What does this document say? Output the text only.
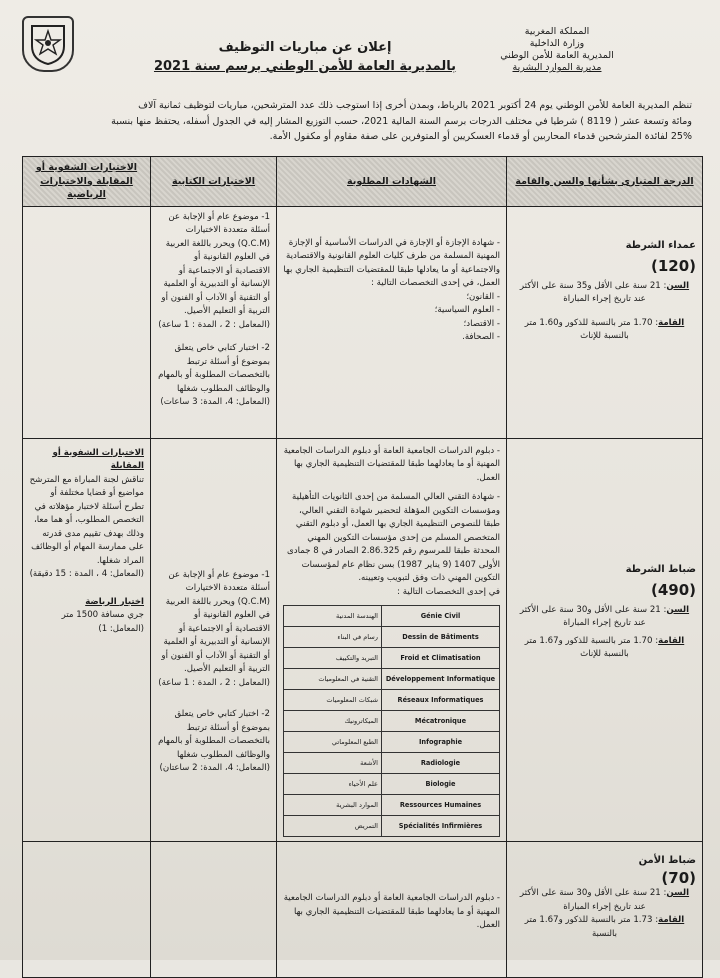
إعلان عن مباريات التوظيف
بالمديرية العامة للأمن الوطني برسم سنة 2021
المملكة المغربية
وزارة الداخلية
المديرية العامة للأمن الوطني
مديرية الموارد البشرية
تنظم المديرية العامة للأمن الوطني يوم 24 أكتوبر 2021 بالرباط، وبمدن أخرى إذا استوجب ذلك عدد المترشحين، مباريات لتوظيف ثمانية آلاف
ومائة وتسعة عشر ( 8119 ) شرطيا في مختلف الدرجات برسم السنة المالية 2021، حسب التوزيع المشار إليه في الجدول أسفله، يحتفظ منها بنسبة
25% لفائدة المترشحين قدماء المحاربين أو قدماء العسكريين أو المتوفرين على صفة مقاوم أو مكفول الأمة.
الاختبارات الشفوية أو المقابلة والاختبارات الرياضية	الاختبارات الكتابية	الشهادات المطلوبة	الدرجة المتبارى بشأنها والسن والقامة

1- موضوع عام أو الإجابة عن أسئلة متعددة الاختيارات (Q.C.M) ويحرر باللغة العربية في العلوم القانونية أو الاقتصادية أو الاجتماعية أو الإنسانية أو التدبيرية أو العلمية أو التقنية أو الآداب أو الفنون أو التربية أو التعليم الأصيل.
(المعامل : 2 ، المدة : 1 ساعة)
2- اختبار كتابي خاص يتعلق بموضوع أو أسئلة ترتبط بالتخصصات المطلوبة أو بالمهام والوظائف المطلوب شغلها
(المعامل: 4، المدة: 3 ساعات)

- شهادة الإجازة أو الإجازة في الدراسات الأساسية أو الإجازة المهنية المسلمة من طرف كليات العلوم القانونية والاقتصادية والاجتماعية أو ما يعادلها طبقا للمقتضيات التنظيمية الجاري بها العمل، في إحدى التخصصات التالية :
- القانون؛
- العلوم السياسية؛
- الاقتصاد؛
- الصحافة.

عمداء الشرطة
(120)
السن: 21 سنة على الأقل و35 سنة على الأكثر عند تاريخ إجراء المباراة
القامة: 1.70 متر بالنسبة للذكور و1.60 متر بالنسبة للإناث

الاختبارات الشفوية أو المقابلة
تناقش لجنة المباراة مع المترشح مواضيع أو قضايا مختلفة أو تطرح أسئلة لاختبار مؤهلاته في التخصص المطلوب، أو هما معا، وذلك بهدف تقييم مدى قدرته على ممارسة المهام أو الوظائف المراد شغلها.
(المعامل: 4 ، المدة : 15 دقيقة)
اختبار الرياضة
جري مسافة 1500 متر (المعامل: 1)

1- موضوع عام أو الإجابة عن أسئلة متعددة الاختيارات (Q.C.M) ويحرر باللغة العربية في العلوم القانونية أو الاقتصادية أو الاجتماعية أو الإنسانية أو التدبيرية أو العلمية أو التقنية أو الآداب أو الفنون أو التربية أو التعليم الأصيل.
(المعامل : 2 ، المدة : 1 ساعة)
2- اختبار كتابي خاص يتعلق بموضوع أو أسئلة ترتبط بالتخصصات المطلوبة أو بالمهام والوظائف المطلوب شغلها
(المعامل: 4، المدة: 2 ساعتان)

- دبلوم الدراسات الجامعية العامة أو دبلوم الدراسات الجامعية المهنية أو ما يعادلهما طبقا للمقتضيات التنظيمية الجاري بها العمل.
- شهادة التقني العالي المسلمة من إحدى الثانويات التأهيلية ومؤسسات التكوين المؤهلة لتحضير شهادة التقني العالي، طبقا للنصوص التنظيمية الجاري بها العمل، أو دبلوم التقني المتخصص المسلم من إحدى مؤسسات التكوين المهني المحدثة طبقا للمرسوم رقم 2.86.325 الصادر في 8 جمادى الأولى 1407 (9 يناير 1987) بسن نظام عام لمؤسسات التكوين المهني ذات وفق لتبويب وتعيينه.
في إحدى التخصصات التالية :
Génie Civil	الهندسة المدنية
Dessin de Bâtiments	رسام في البناء
Froid et Climatisation	التبريد والتكييف
Développement Informatique	التقنية في المعلوميات
Réseaux Informatiques	شبكات المعلوميات
Mécatronique	الميكاترونيك
Infographie	الطبع المعلوماتي
Radiologie	الأشعة
Biologie	علم الأحياء
Ressources Humaines	الموارد البشرية
Spécialités Infirmières	التمريض

ضباط الشرطة
(490)
السن: 21 سنة على الأقل و30 سنة على الأكثر عند تاريخ إجراء المباراة
القامة: 1.70 متر بالنسبة للذكور و1.67 متر بالنسبة للإناث

- دبلوم الدراسات الجامعية العامة أو دبلوم الدراسات الجامعية المهنية أو ما يعادلهما طبقا للمقتضيات التنظيمية الجاري بها العمل.

ضباط الأمن
(70)
السن: 21 سنة على الأقل و30 سنة على الأكثر عند تاريخ إجراء المباراة
القامة: 1.73 متر بالنسبة للذكور و1.67 متر بالنسبة
